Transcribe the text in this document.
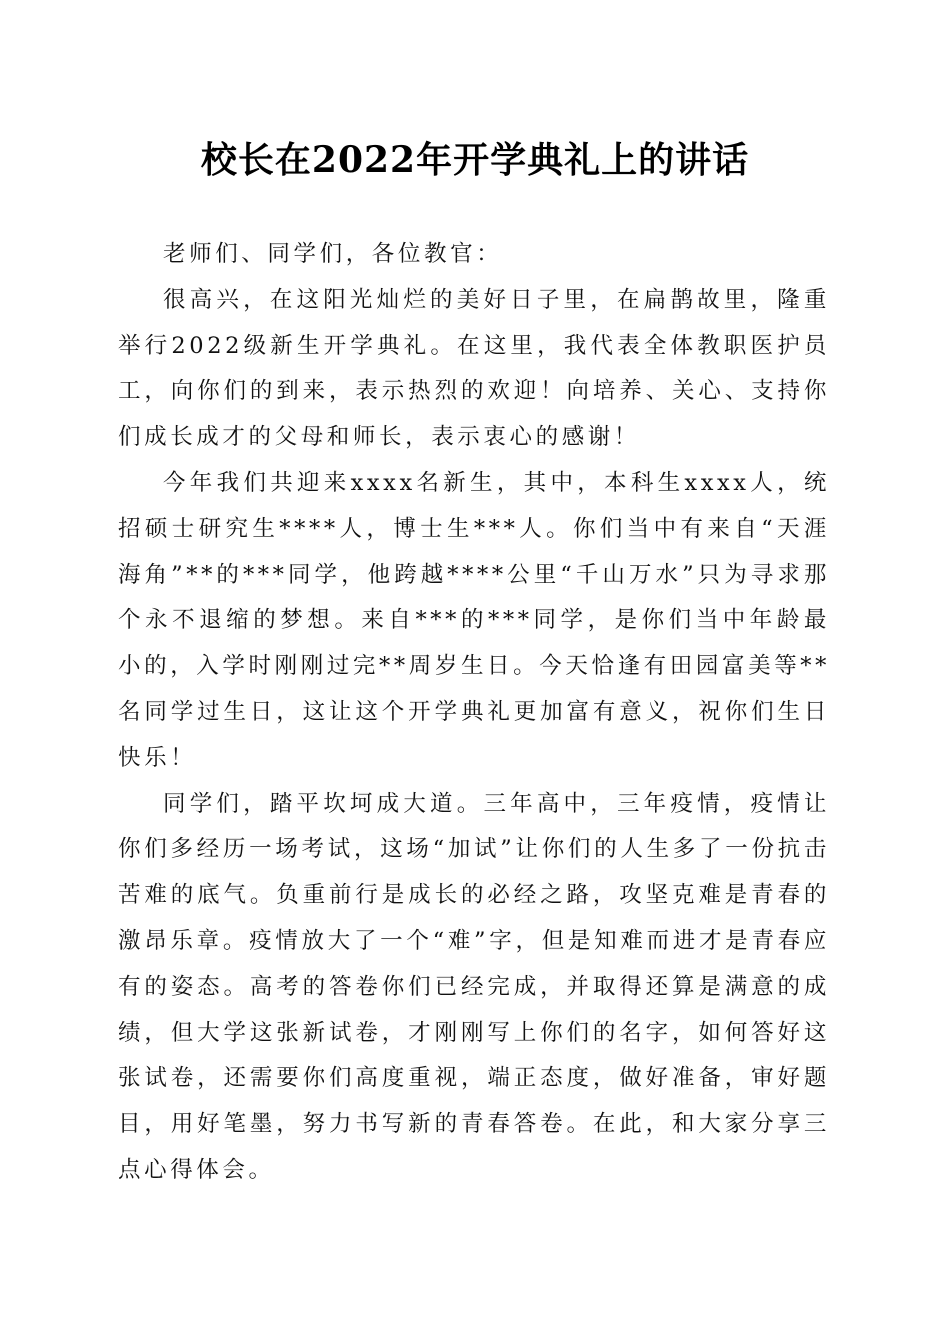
校长在2022年开学典礼上的讲话

老师们、同学们，各位教官：

很高兴，在这阳光灿烂的美好日子里，在扁鹊故里，隆重举行2022级新生开学典礼。在这里，我代表全体教职医护员工，向你们的到来，表示热烈的欢迎！向培养、关心、支持你们成长成才的父母和师长，表示衷心的感谢！

今年我们共迎来xxxx名新生，其中，本科生xxxx人，统招硕士研究生****人，博士生***人。你们当中有来自“天涯海角”**的***同学，他跨越****公里“千山万水”只为寻求那个永不退缩的梦想。来自***的***同学，是你们当中年龄最小的，入学时刚刚过完**周岁生日。今天恰逢有田园富美等**名同学过生日，这让这个开学典礼更加富有意义，祝你们生日快乐！

同学们，踏平坎坷成大道。三年高中，三年疫情，疫情让你们多经历一场考试，这场“加试”让你们的人生多了一份抗击苦难的底气。负重前行是成长的必经之路，攻坚克难是青春的激昂乐章。疫情放大了一个“难”字，但是知难而进才是青春应有的姿态。高考的答卷你们已经完成，并取得还算是满意的成绩，但大学这张新试卷，才刚刚写上你们的名字，如何答好这张试卷，还需要你们高度重视，端正态度，做好准备，审好题目，用好笔墨，努力书写新的青春答卷。在此，和大家分享三点心得体会。
